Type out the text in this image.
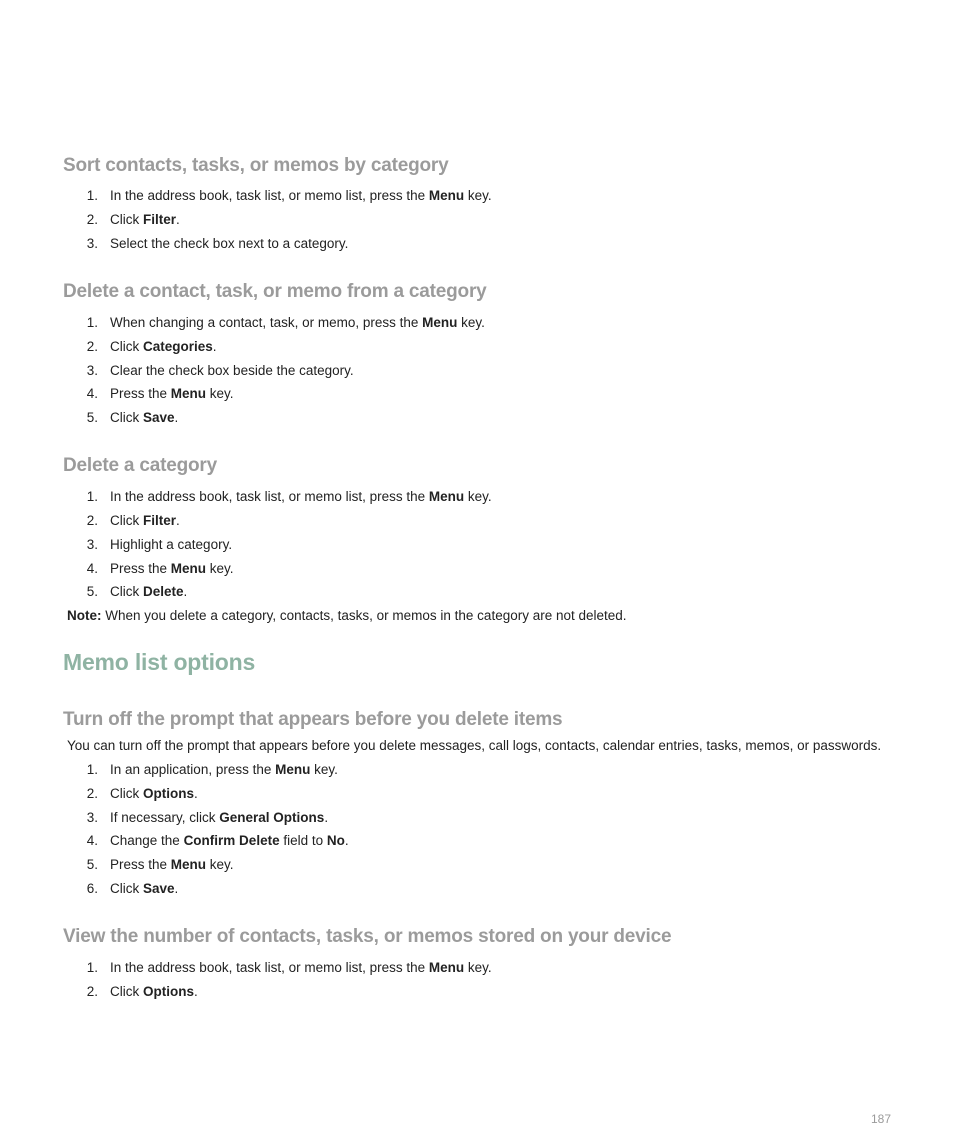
Sort contacts, tasks, or memos by category
1. In the address book, task list, or memo list, press the Menu key.
2. Click Filter.
3. Select the check box next to a category.
Delete a contact, task, or memo from a category
1. When changing a contact, task, or memo, press the Menu key.
2. Click Categories.
3. Clear the check box beside the category.
4. Press the Menu key.
5. Click Save.
Delete a category
1. In the address book, task list, or memo list, press the Menu key.
2. Click Filter.
3. Highlight a category.
4. Press the Menu key.
5. Click Delete.
Note: When you delete a category, contacts, tasks, or memos in the category are not deleted.
Memo list options
Turn off the prompt that appears before you delete items
You can turn off the prompt that appears before you delete messages, call logs, contacts, calendar entries, tasks, memos, or passwords.
1. In an application, press the Menu key.
2. Click Options.
3. If necessary, click General Options.
4. Change the Confirm Delete field to No.
5. Press the Menu key.
6. Click Save.
View the number of contacts, tasks, or memos stored on your device
1. In the address book, task list, or memo list, press the Menu key.
2. Click Options.
187
